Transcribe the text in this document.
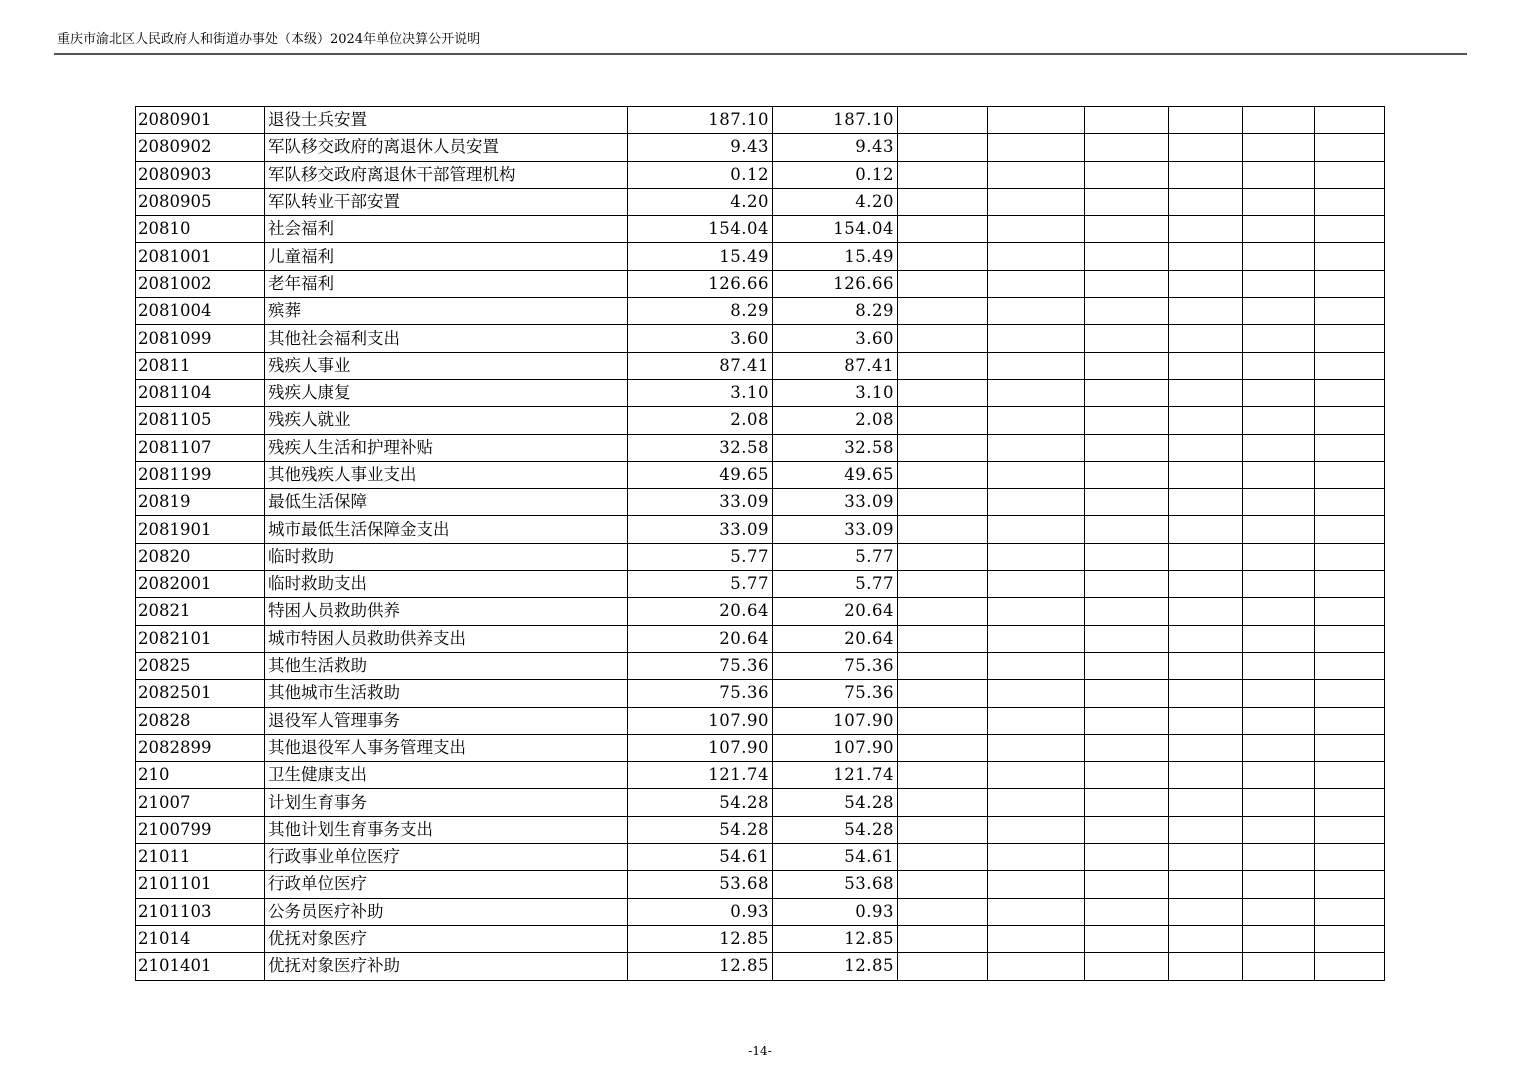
重庆市渝北区人民政府人和街道办事处（本级）2024年单位决算公开说明
2080901	退役士兵安置	187.10	187.10						
2080902	军队移交政府的离退休人员安置	9.43	9.43						
2080903	军队移交政府离退休干部管理机构	0.12	0.12						
2080905	军队转业干部安置	4.20	4.20						
20810	社会福利	154.04	154.04						
2081001	儿童福利	15.49	15.49						
2081002	老年福利	126.66	126.66						
2081004	殡葬	8.29	8.29						
2081099	其他社会福利支出	3.60	3.60						
20811	残疾人事业	87.41	87.41						
2081104	残疾人康复	3.10	3.10						
2081105	残疾人就业	2.08	2.08						
2081107	残疾人生活和护理补贴	32.58	32.58						
2081199	其他残疾人事业支出	49.65	49.65						
20819	最低生活保障	33.09	33.09						
2081901	城市最低生活保障金支出	33.09	33.09						
20820	临时救助	5.77	5.77						
2082001	临时救助支出	5.77	5.77						
20821	特困人员救助供养	20.64	20.64						
2082101	城市特困人员救助供养支出	20.64	20.64						
20825	其他生活救助	75.36	75.36						
2082501	其他城市生活救助	75.36	75.36						
20828	退役军人管理事务	107.90	107.90						
2082899	其他退役军人事务管理支出	107.90	107.90						
210	卫生健康支出	121.74	121.74						
21007	计划生育事务	54.28	54.28						
2100799	其他计划生育事务支出	54.28	54.28						
21011	行政事业单位医疗	54.61	54.61						
2101101	行政单位医疗	53.68	53.68						
2101103	公务员医疗补助	0.93	0.93						
21014	优抚对象医疗	12.85	12.85						
2101401	优抚对象医疗补助	12.85	12.85						
-14-
